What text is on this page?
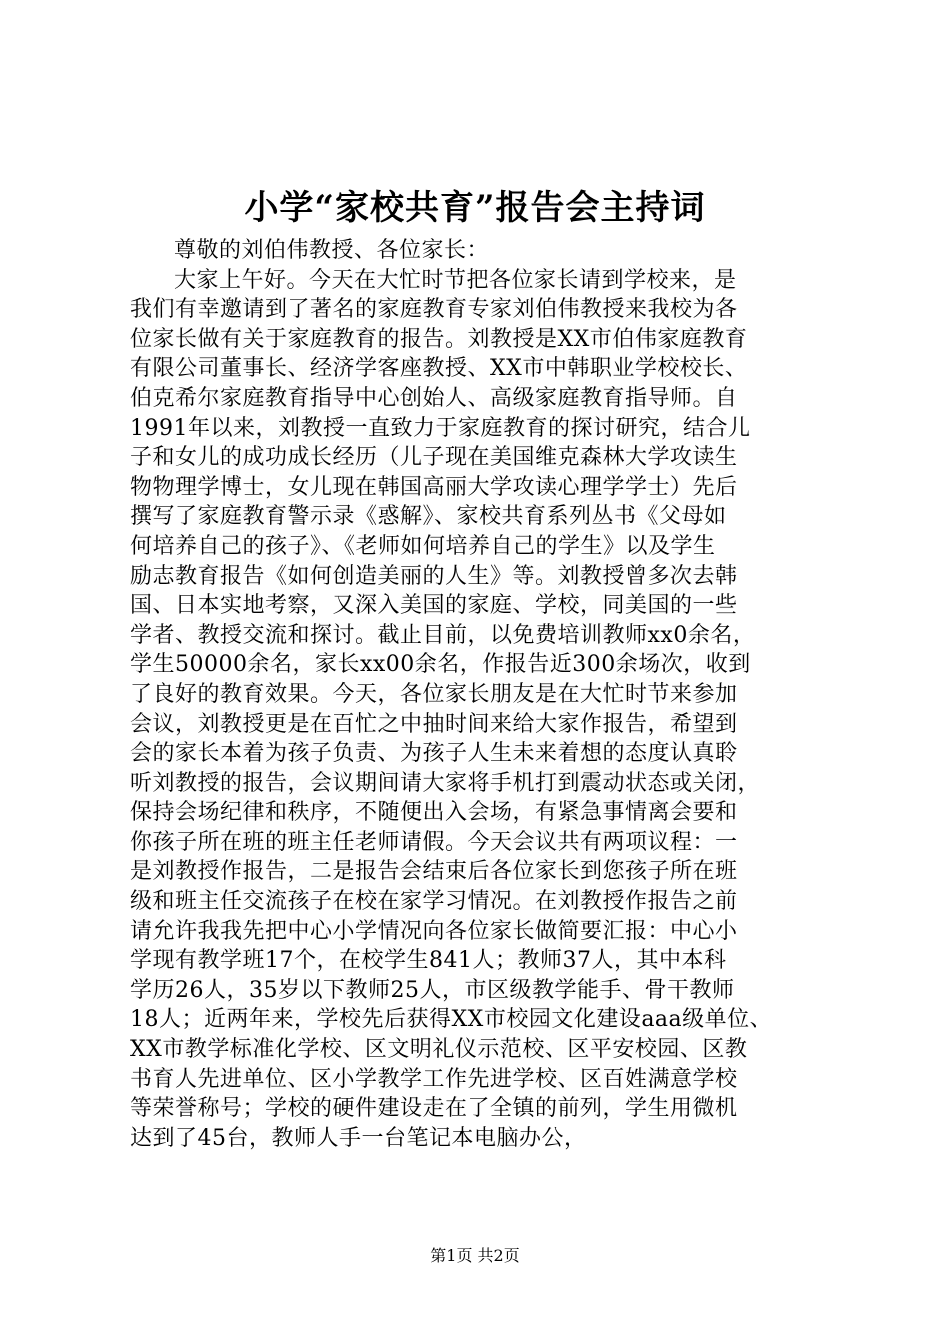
小学“家校共育”报告会主持词
尊敬的刘伯伟教授、各位家长：
大家上午好。今天在大忙时节把各位家长请到学校来，是
我们有幸邀请到了著名的家庭教育专家刘伯伟教授来我校为各
位家长做有关于家庭教育的报告。刘教授是XX市伯伟家庭教育
有限公司董事长、经济学客座教授、XX市中韩职业学校校长、
伯克希尔家庭教育指导中心创始人、高级家庭教育指导师。自
1991年以来，刘教授一直致力于家庭教育的探讨研究，结合儿
子和女儿的成功成长经历（儿子现在美国维克森林大学攻读生
物物理学博士，女儿现在韩国高丽大学攻读心理学学士）先后
撰写了家庭教育警示录《惑解》、家校共育系列丛书《父母如
何培养自己的孩子》、《老师如何培养自己的学生》以及学生
励志教育报告《如何创造美丽的人生》等。刘教授曾多次去韩
国、日本实地考察，又深入美国的家庭、学校，同美国的一些
学者、教授交流和探讨。截止目前，以免费培训教师xx0余名，
学生50000余名，家长xx00余名，作报告近300余场次，收到
了良好的教育效果。今天，各位家长朋友是在大忙时节来参加
会议，刘教授更是在百忙之中抽时间来给大家作报告，希望到
会的家长本着为孩子负责、为孩子人生未来着想的态度认真聆
听刘教授的报告，会议期间请大家将手机打到震动状态或关闭，
保持会场纪律和秩序，不随便出入会场，有紧急事情离会要和
你孩子所在班的班主任老师请假。今天会议共有两项议程：一
是刘教授作报告，二是报告会结束后各位家长到您孩子所在班
级和班主任交流孩子在校在家学习情况。在刘教授作报告之前
请允许我我先把中心小学情况向各位家长做简要汇报：中心小
学现有教学班17个，在校学生841人；教师37人，其中本科
学历26人，35岁以下教师25人，市区级教学能手、骨干教师
18人；近两年来，学校先后获得XX市校园文化建设aaa级单位、
XX市教学标准化学校、区文明礼仪示范校、区平安校园、区教
书育人先进单位、区小学教学工作先进学校、区百姓满意学校
等荣誉称号；学校的硬件建设走在了全镇的前列，学生用微机
达到了45台，教师人手一台笔记本电脑办公，
第1页 共2页
